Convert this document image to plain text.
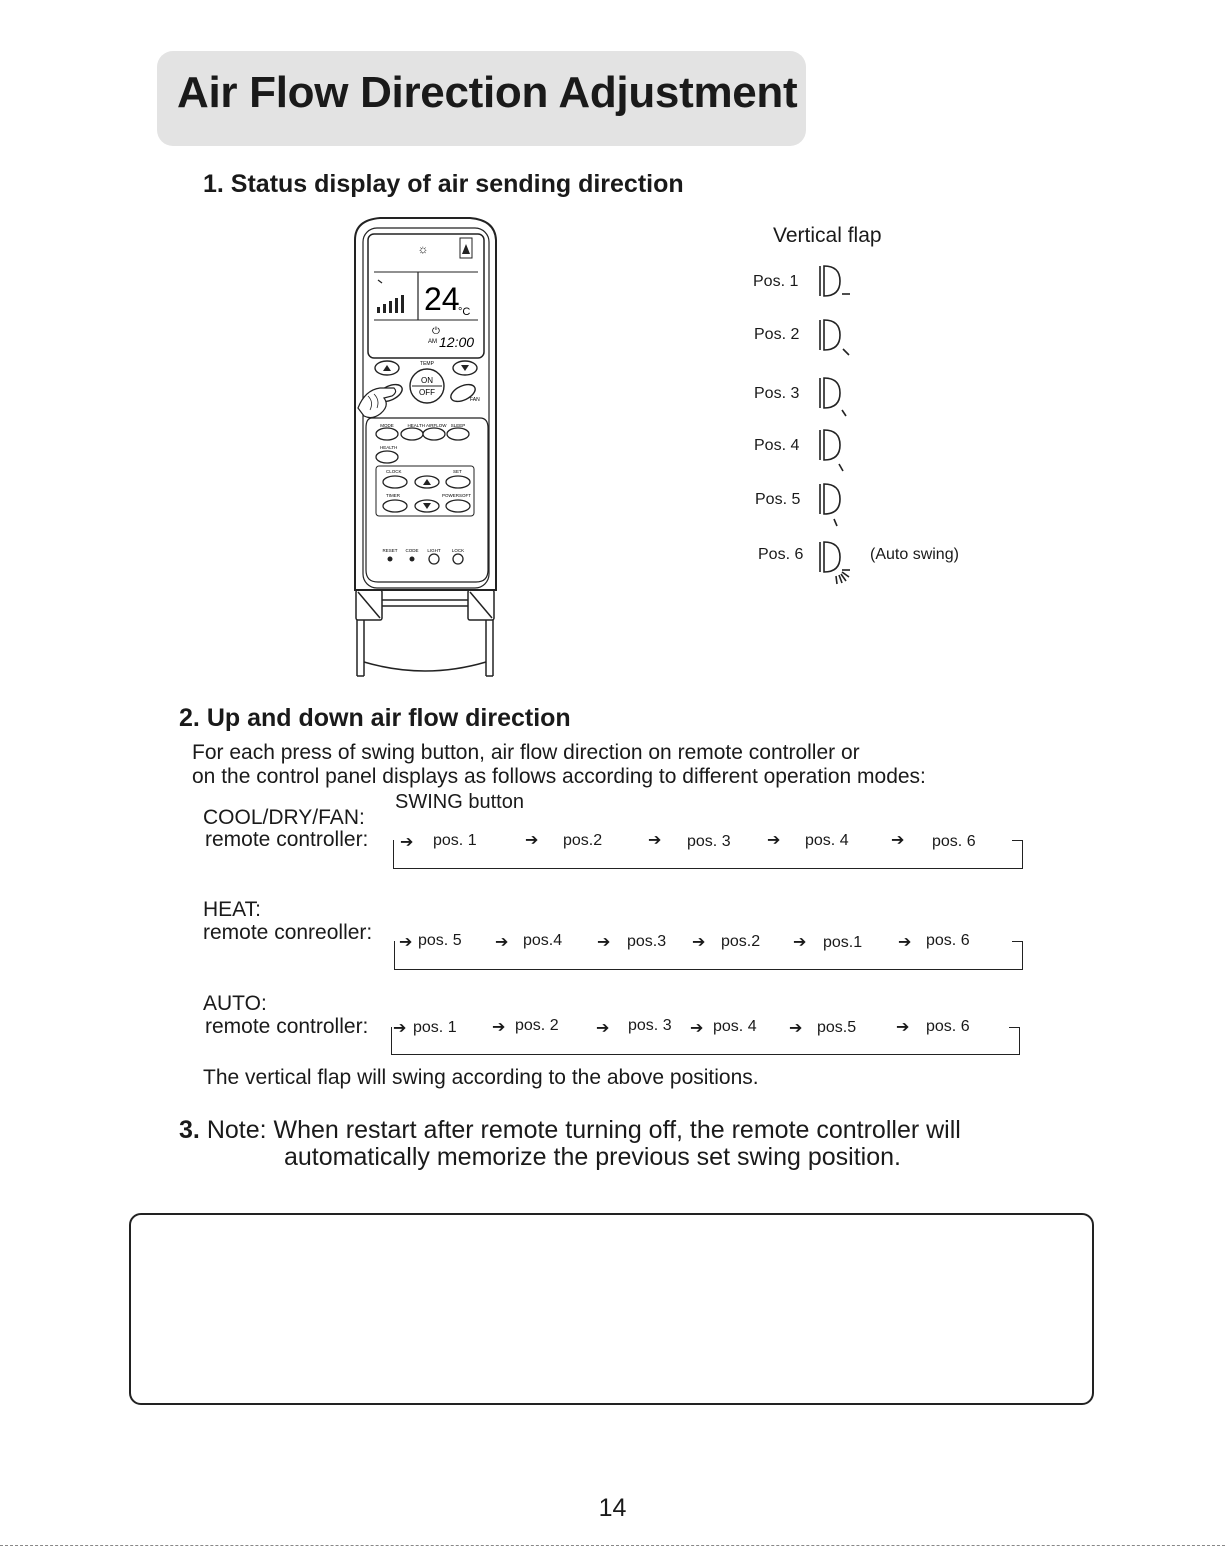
Air Flow Direction Adjustment
1. Status display of air sending direction
☼
24
°C
⏻
AM 12:00
TEMP
ON
OFF
FAN
MODE	HEALTH AIRFLOW SLEEP
HEALTH
CLOCK	SET
TIMER	POWERSOFT
RESET CODE LIGHT LOCK
Vertical flap
Pos. 1
Pos. 2
Pos. 3
Pos. 4
Pos. 5
Pos. 6	(Auto swing)
2. Up and down air flow direction
For each press of swing button, air flow direction on remote controller or
on the control panel displays as follows according to different operation modes:
SWING button
COOL/DRY/FAN:
remote controller: ➔ pos. 1	➔ pos.2	➔ pos. 3 ➔ pos. 4	➔ pos. 6
HEAT:
remote conreoller: ➔ pos. 5 ➔ pos.4 ➔ pos.3 ➔ pos.2 ➔ pos.1 ➔ pos. 6
AUTO:
remote controller: ➔ pos. 1 ➔ pos. 2 ➔ pos. 3 ➔ pos. 4 ➔ pos.5 ➔ pos. 6
The vertical flap will swing according to the above positions.
3. Note: When restart after remote turning off, the remote controller will
automatically memorize the previous set swing position.
14
